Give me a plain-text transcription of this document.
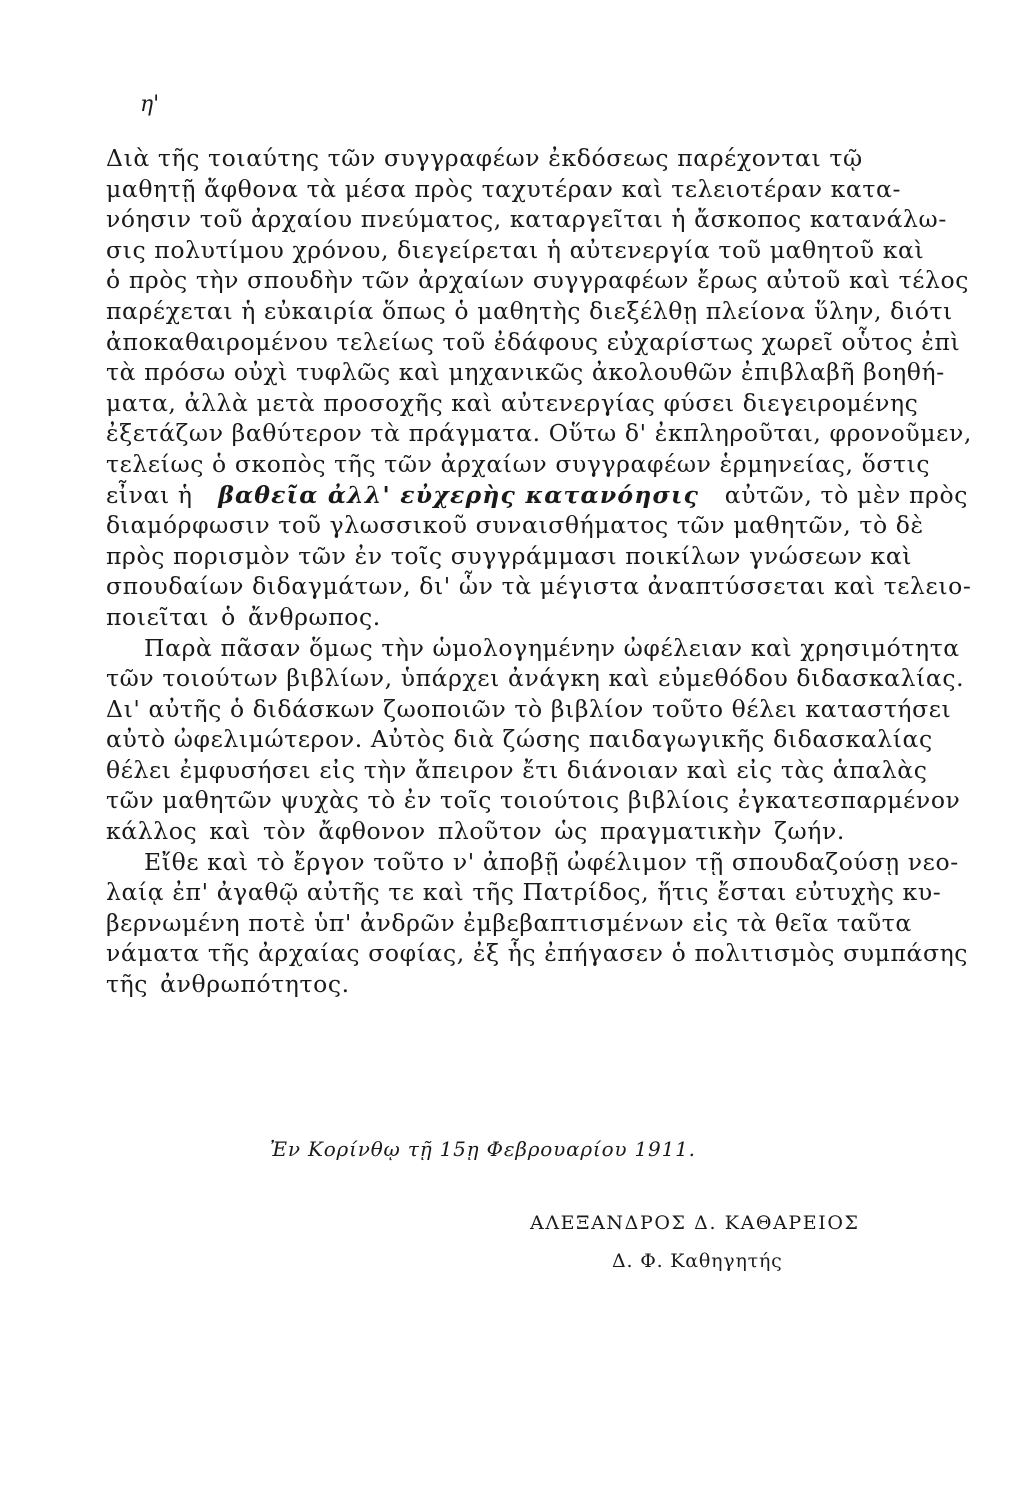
η'
Διὰ τῆς τοιαύτης τῶν συγγραφέων ἐκδόσεως παρέχονται τῷ
μαθητῇ ἄφθονα τὰ μέσα πρὸς ταχυτέραν καὶ τελειοτέραν κατα-
νόησιν τοῦ ἀρχαίου πνεύματος, καταργεῖται ἡ ἄσκοπος κατανάλω-
σις πολυτίμου χρόνου, διεγείρεται ἡ αὐτενεργία τοῦ μαθητοῦ καὶ
ὁ πρὸς τὴν σπουδὴν τῶν ἀρχαίων συγγραφέων ἔρως αὐτοῦ καὶ τέλος
παρέχεται ἡ εὐκαιρία ὅπως ὁ μαθητὴς διεξέλθῃ πλείονα ὕλην, διότι
ἀποκαθαιρομένου τελείως τοῦ ἐδάφους εὐχαρίστως χωρεῖ οὗτος ἐπὶ
τὰ πρόσω οὐχὶ τυφλῶς καὶ μηχανικῶς ἀκολουθῶν ἐπιβλαβῆ βοηθή-
ματα, ἀλλὰ μετὰ προσοχῆς καὶ αὐτενεργίας φύσει διεγειρομένης
ἐξετάζων βαθύτερον τὰ πράγματα. Οὕτω δ' ἐκπληροῦται, φρονοῦμεν,
τελείως ὁ σκοπὸς τῆς τῶν ἀρχαίων συγγραφέων ἑρμηνείας, ὅστις
εἶναι ἡ βαθεῖα ἀλλ' εὐχερὴς κατανόησις αὐτῶν, τὸ μὲν πρὸς
διαμόρφωσιν τοῦ γλωσσικοῦ συναισθήματος τῶν μαθητῶν, τὸ δὲ
πρὸς πορισμὸν τῶν ἐν τοῖς συγγράμμασι ποικίλων γνώσεων καὶ
σπουδαίων διδαγμάτων, δι' ὧν τὰ μέγιστα ἀναπτύσσεται καὶ τελειο-
ποιεῖται ὁ ἄνθρωπος.
Παρὰ πᾶσαν ὅμως τὴν ὡμολογημένην ὠφέλειαν καὶ χρησιμότητα
τῶν τοιούτων βιβλίων, ὑπάρχει ἀνάγκη καὶ εὐμεθόδου διδασκαλίας.
Δι' αὐτῆς ὁ διδάσκων ζωοποιῶν τὸ βιβλίον τοῦτο θέλει καταστήσει
αὐτὸ ὠφελιμώτερον. Αὐτὸς διὰ ζώσης παιδαγωγικῆς διδασκαλίας
θέλει ἐμφυσήσει εἰς τὴν ἄπειρον ἔτι διάνοιαν καὶ εἰς τὰς ἁπαλὰς
τῶν μαθητῶν ψυχὰς τὸ ἐν τοῖς τοιούτοις βιβλίοις ἐγκατεσπαρμένον
κάλλος καὶ τὸν ἄφθονον πλοῦτον ὡς πραγματικὴν ζωήν.
Εἴθε καὶ τὸ ἔργον τοῦτο ν' ἀποβῇ ὠφέλιμον τῇ σπουδαζούσῃ νεο-
λαίᾳ ἐπ' ἀγαθῷ αὐτῆς τε καὶ τῆς Πατρίδος, ἥτις ἔσται εὐτυχὴς κυ-
βερνωμένη ποτὲ ὑπ' ἀνδρῶν ἐμβεβαπτισμένων εἰς τὰ θεῖα ταῦτα
νάματα τῆς ἀρχαίας σοφίας, ἐξ ἧς ἐπήγασεν ὁ πολιτισμὸς συμπάσης
τῆς ἀνθρωπότητος.
Ἐν Κορίνθῳ τῇ 15ῃ Φεβρουαρίου 1911.
ΑΛΕΞΑΝΔΡΟΣ Δ. ΚΑΘΑΡΕΙΟΣ
Δ. Φ. Καθηγητής
